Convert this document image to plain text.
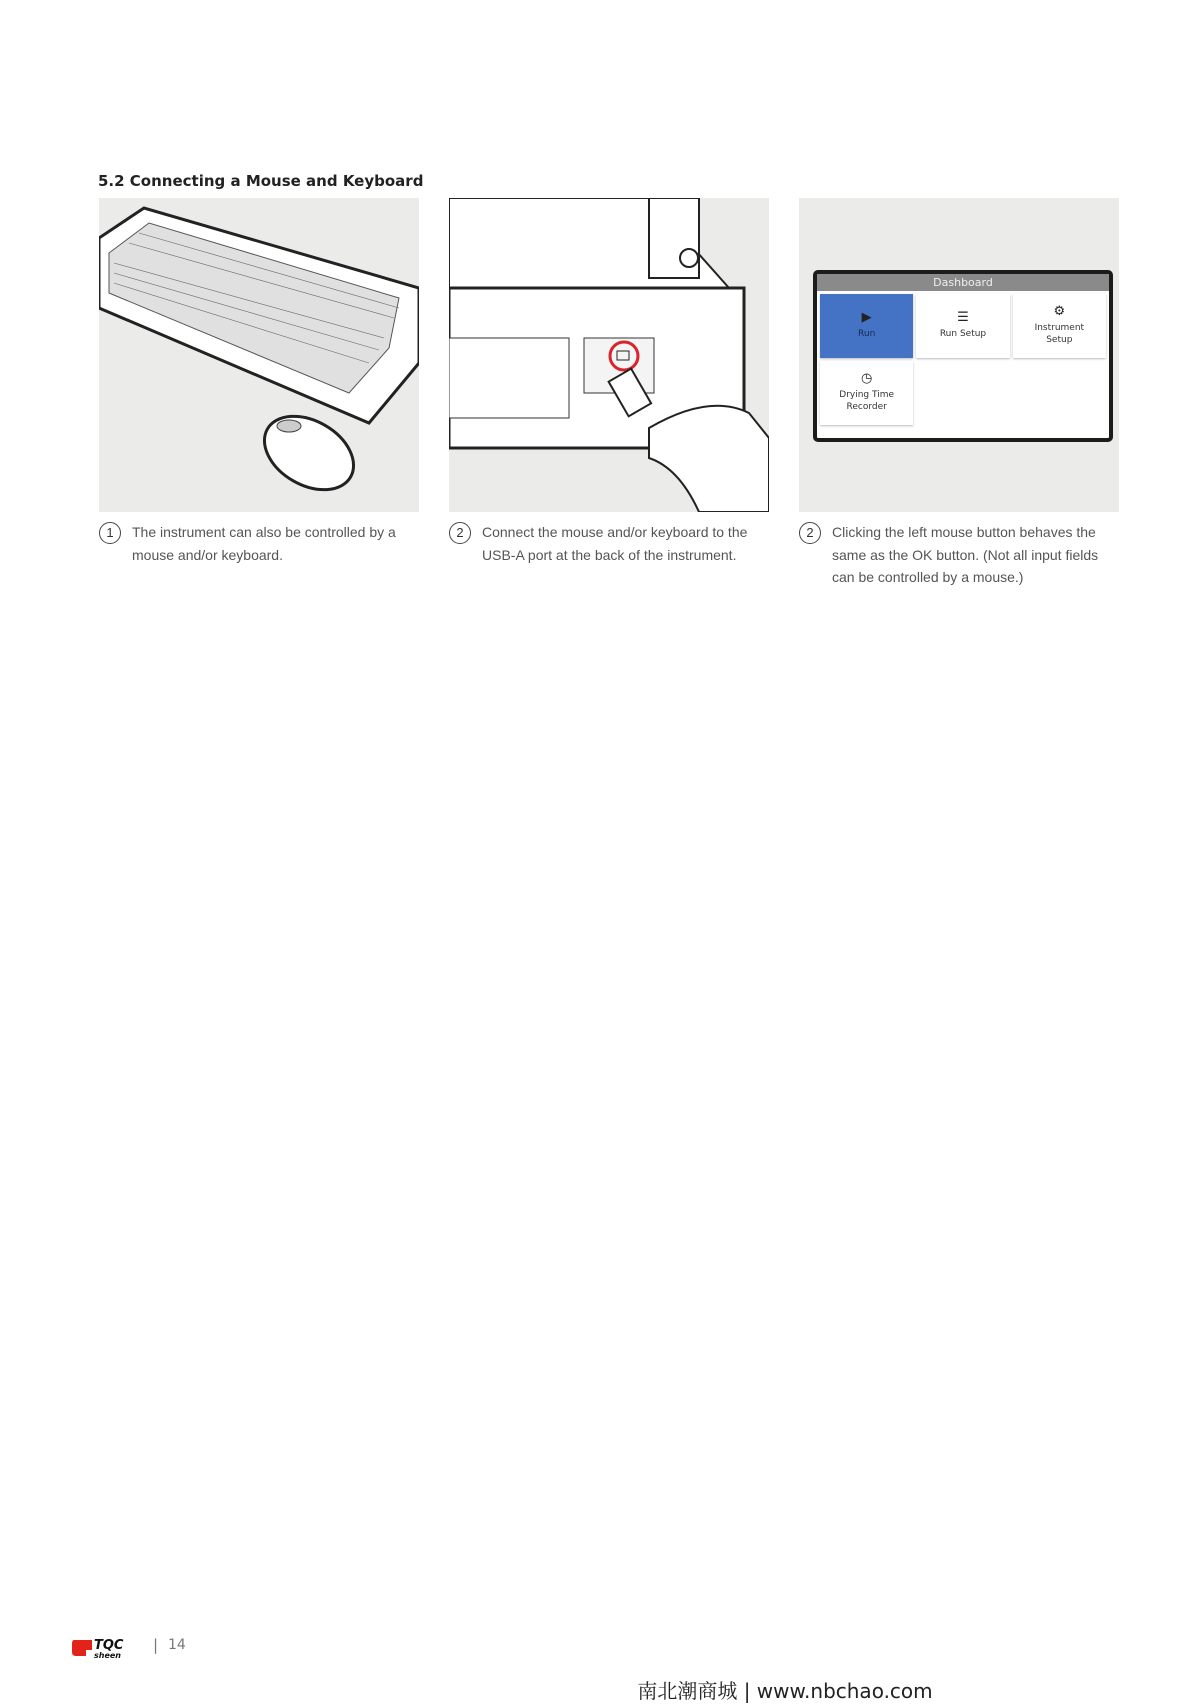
5.2 Connecting a Mouse and Keyboard
Dashboard
▶
Run
☰
Run Setup
⚙
Instrument Setup
◷
Drying Time Recorder
1	The instrument can also be controlled by a mouse and/or keyboard.
2	Connect the mouse and/or keyboard to the USB-A port at the back of the instrument.
2	Clicking the left mouse button behaves the same as the OK button. (Not all input fields can be controlled by a mouse.)
TQC
sheen
| 14
南北潮商城 | www.nbchao.com
